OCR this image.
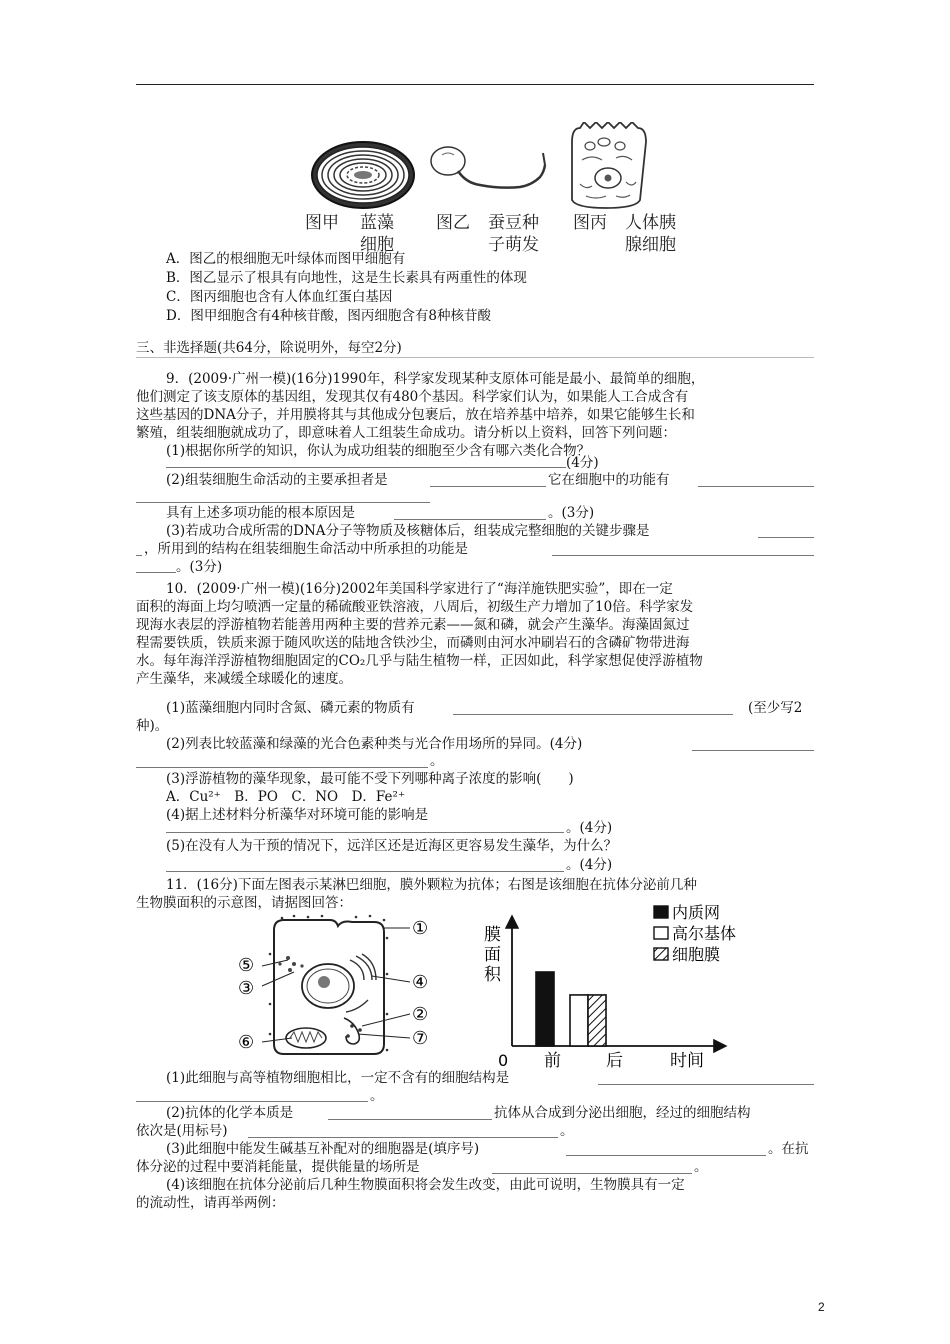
图甲 蓝藻
细胞
图乙 蚕豆种
子萌发
图丙 人体胰
腺细胞
A．图乙的根细胞无叶绿体而图甲细胞有
B．图乙显示了根具有向地性，这是生长素具有两重性的体现
C．图丙细胞也含有人体血红蛋白基因
D．图甲细胞含有4种核苷酸，图丙细胞含有8种核苷酸
三、非选择题(共64分，除说明外，每空2分)
9．(2009·广州一模)(16分)1990年，科学家发现某种支原体可能是最小、最简单的细胞，
他们测定了该支原体的基因组，发现其仅有480个基因。科学家们认为，如果能人工合成含有
这些基因的DNA分子，并用膜将其与其他成分包裹后，放在培养基中培养，如果它能够生长和
繁殖，组装细胞就成功了，即意味着人工组装生命成功。请分析以上资料，回答下列问题：
(1)根据你所学的知识，你认为成功组装的细胞至少含有哪六类化合物？
(4分)
(2)组装细胞生命活动的主要承担者是	它在细胞中的功能有
具有上述多项功能的根本原因是	。(3分)
(3)若成功合成所需的DNA分子等物质及核糖体后，组装成完整细胞的关键步骤是
，所用到的结构在组装细胞生命活动中所承担的功能是
。(3分)
10．(2009·广州一模)(16分)2002年美国科学家进行了“海洋施铁肥实验”，即在一定
面积的海面上均匀喷洒一定量的稀硫酸亚铁溶液，八周后，初级生产力增加了10倍。科学家发
现海水表层的浮游植物若能善用两种主要的营养元素——氮和磷，就会产生藻华。海藻固氮过
程需要铁质，铁质来源于随风吹送的陆地含铁沙尘，而磷则由河水冲刷岩石的含磷矿物带进海
水。每年海洋浮游植物细胞固定的CO₂几乎与陆生植物一样，正因如此，科学家想促使浮游植物
产生藻华，来减缓全球暖化的速度。
(1)蓝藻细胞内同时含氮、磷元素的物质有	(至少写2
种)。
(2)列表比较蓝藻和绿藻的光合色素种类与光合作用场所的异同。(4分)
。
(3)浮游植物的藻华现象，最可能不受下列哪种离子浓度的影响(　　)
A．Cu²⁺　B．PO　C．NO　D．Fe²⁺
(4)据上述材料分析藻华对环境可能的影响是
。(4分)
(5)在没有人为干预的情况下，远洋区还是近海区更容易发生藻华，为什么？
。(4分)
11．(16分)下面左图表示某淋巴细胞，膜外颗粒为抗体；右图是该细胞在抗体分泌前几种
生物膜面积的示意图，请据图回答：
①
⑤
③	④
②
⑥	⑦
膜
面
积
0 前	后	时间
内质网
高尔基体
细胞膜
(1)此细胞与高等植物细胞相比，一定不含有的细胞结构是
。
(2)抗体的化学本质是	抗体从合成到分泌出细胞，经过的细胞结构
依次是(用标号)	。
(3)此细胞中能发生碱基互补配对的细胞器是(填序号)	。在抗
体分泌的过程中要消耗能量，提供能量的场所是	。
(4)该细胞在抗体分泌前后几种生物膜面积将会发生改变，由此可说明，生物膜具有一定
的流动性，请再举两例：
2
